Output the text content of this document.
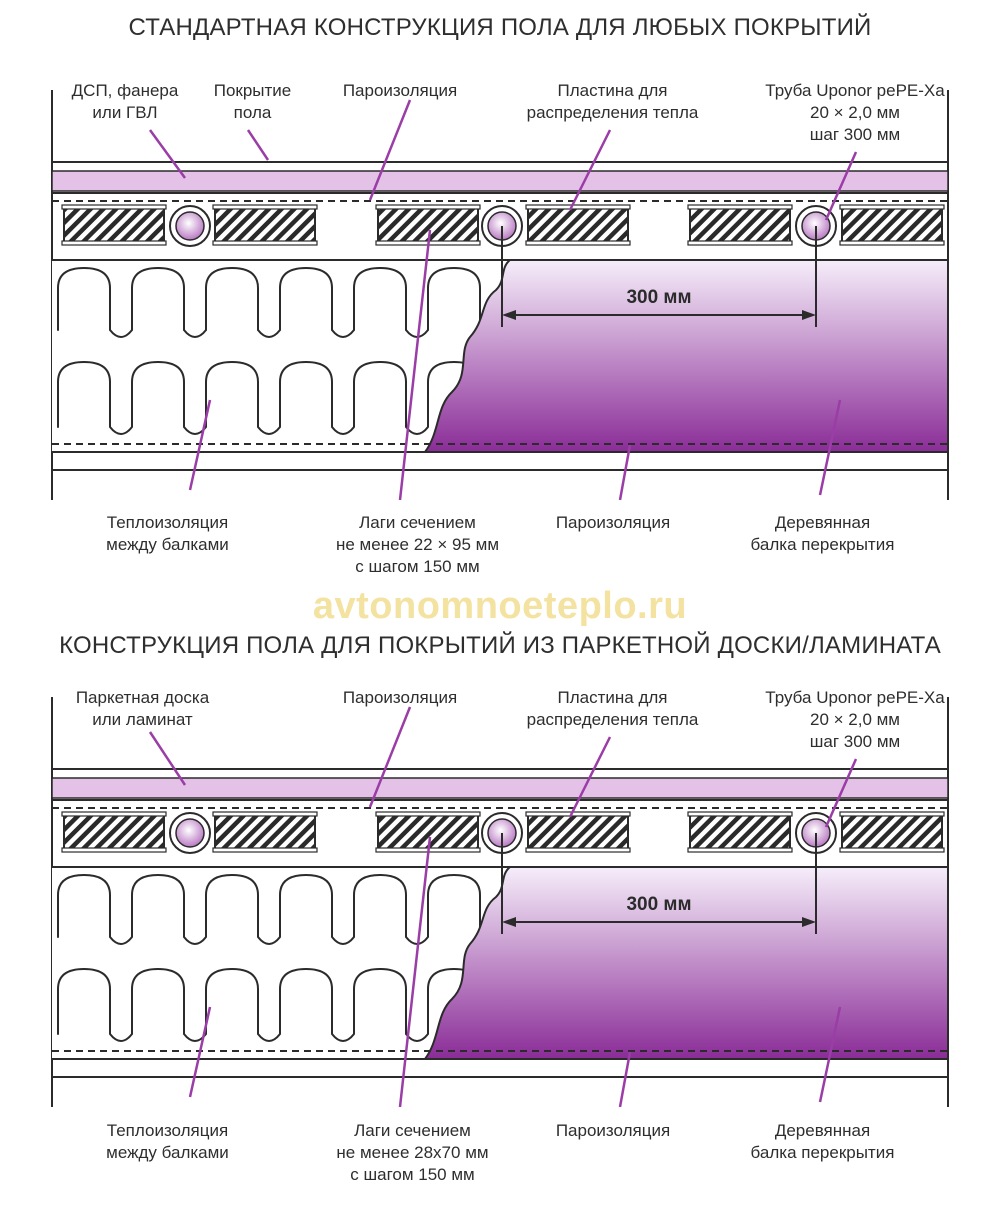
СТАНДАРТНАЯ КОНСТРУКЦИЯ ПОЛА ДЛЯ ЛЮБЫХ ПОКРЫТИЙ
ДСП, фанера
или ГВЛ
Покрытие
пола
Пароизоляция	Пластина для
распределения тепла
Труба Uponor pePE-Xa
20 × 2,0 мм
шаг 300 мм
Теплоизоляция
между балками
Лаги сечением
не менее 22 × 95 мм
с шагом 150 мм
Пароизоляция	Деревянная
балка перекрытия
300 мм
avtonomnoeteplo.ru
КОНСТРУКЦИЯ ПОЛА ДЛЯ ПОКРЫТИЙ ИЗ ПАРКЕТНОЙ ДОСКИ/ЛАМИНАТА
Паркетная доска
или ламинат
Пароизоляция	Пластина для
распределения тепла
Труба Uponor pePE-Xa
20 × 2,0 мм
шаг 300 мм
Теплоизоляция
между балками
Лаги сечением
не менее 28х70 мм
с шагом 150 мм
Пароизоляция	Деревянная
балка перекрытия
300 мм
